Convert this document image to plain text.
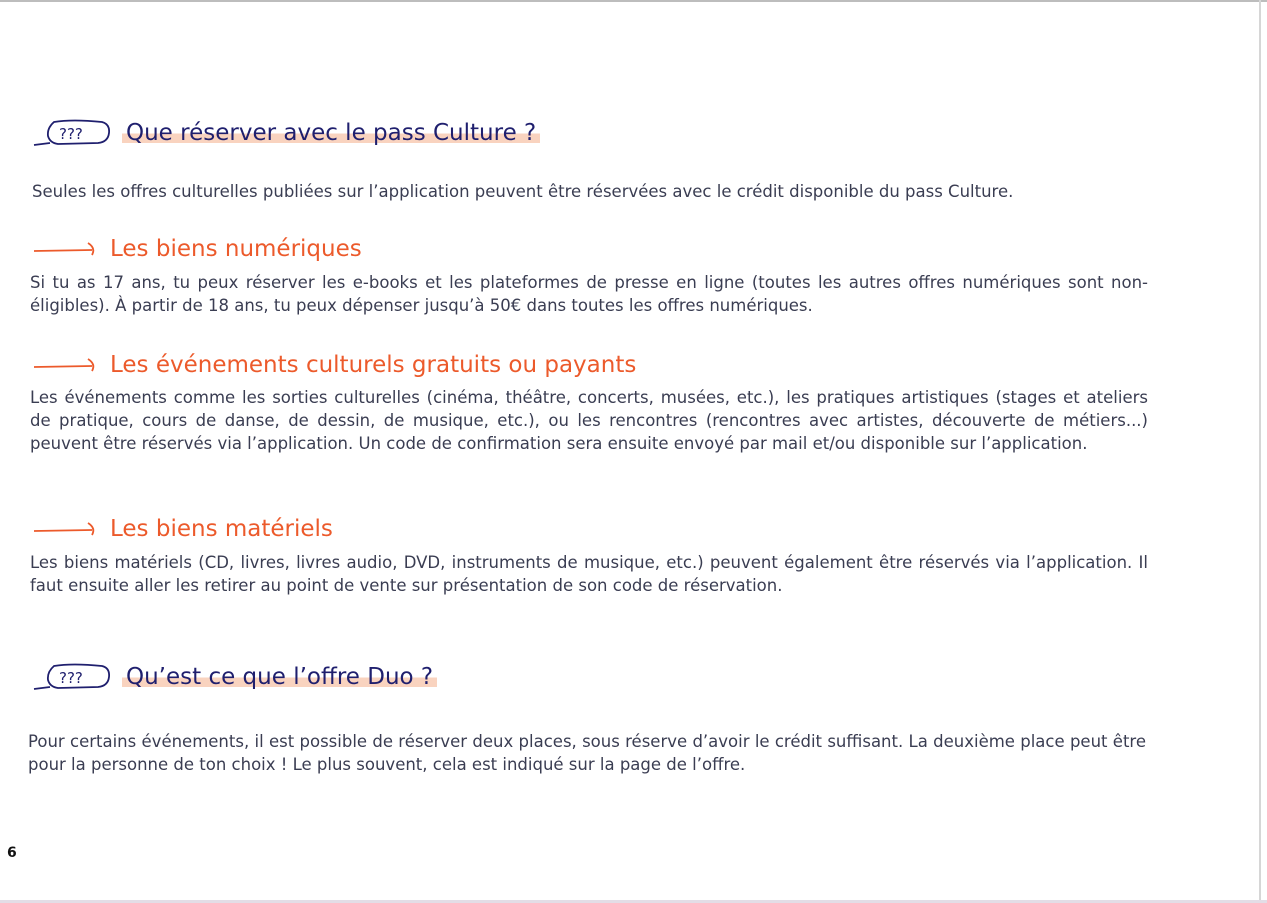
??? Que réserver avec le pass Culture ?

Seules les offres culturelles publiées sur l’application peuvent être réservées avec le crédit disponible du pass Culture.

Les biens numériques

Si tu as 17 ans, tu peux réserver les e-books et les plateformes de presse en ligne (toutes les autres offres numériques sont non-éligibles). À partir de 18 ans, tu peux dépenser jusqu’à 50€ dans toutes les offres numériques.

Les événements culturels gratuits ou payants

Les événements comme les sorties culturelles (cinéma, théâtre, concerts, musées, etc.), les pratiques artistiques (stages et ateliers de pratique, cours de danse, de dessin, de musique, etc.), ou les rencontres (rencontres avec artistes, découverte de métiers...) peuvent être réservés via l’application. Un code de confirmation sera ensuite envoyé par mail et/ou disponible sur l’application.

Les biens matériels

Les biens matériels (CD, livres, livres audio, DVD, instruments de musique, etc.) peuvent également être réservés via l’application. Il faut ensuite aller les retirer au point de vente sur présentation de son code de réservation.

??? Qu’est ce que l’offre Duo ?

Pour certains événements, il est possible de réserver deux places, sous réserve d’avoir le crédit suffisant. La deuxième place peut être pour la personne de ton choix ! Le plus souvent, cela est indiqué sur la page de l’offre.

6
